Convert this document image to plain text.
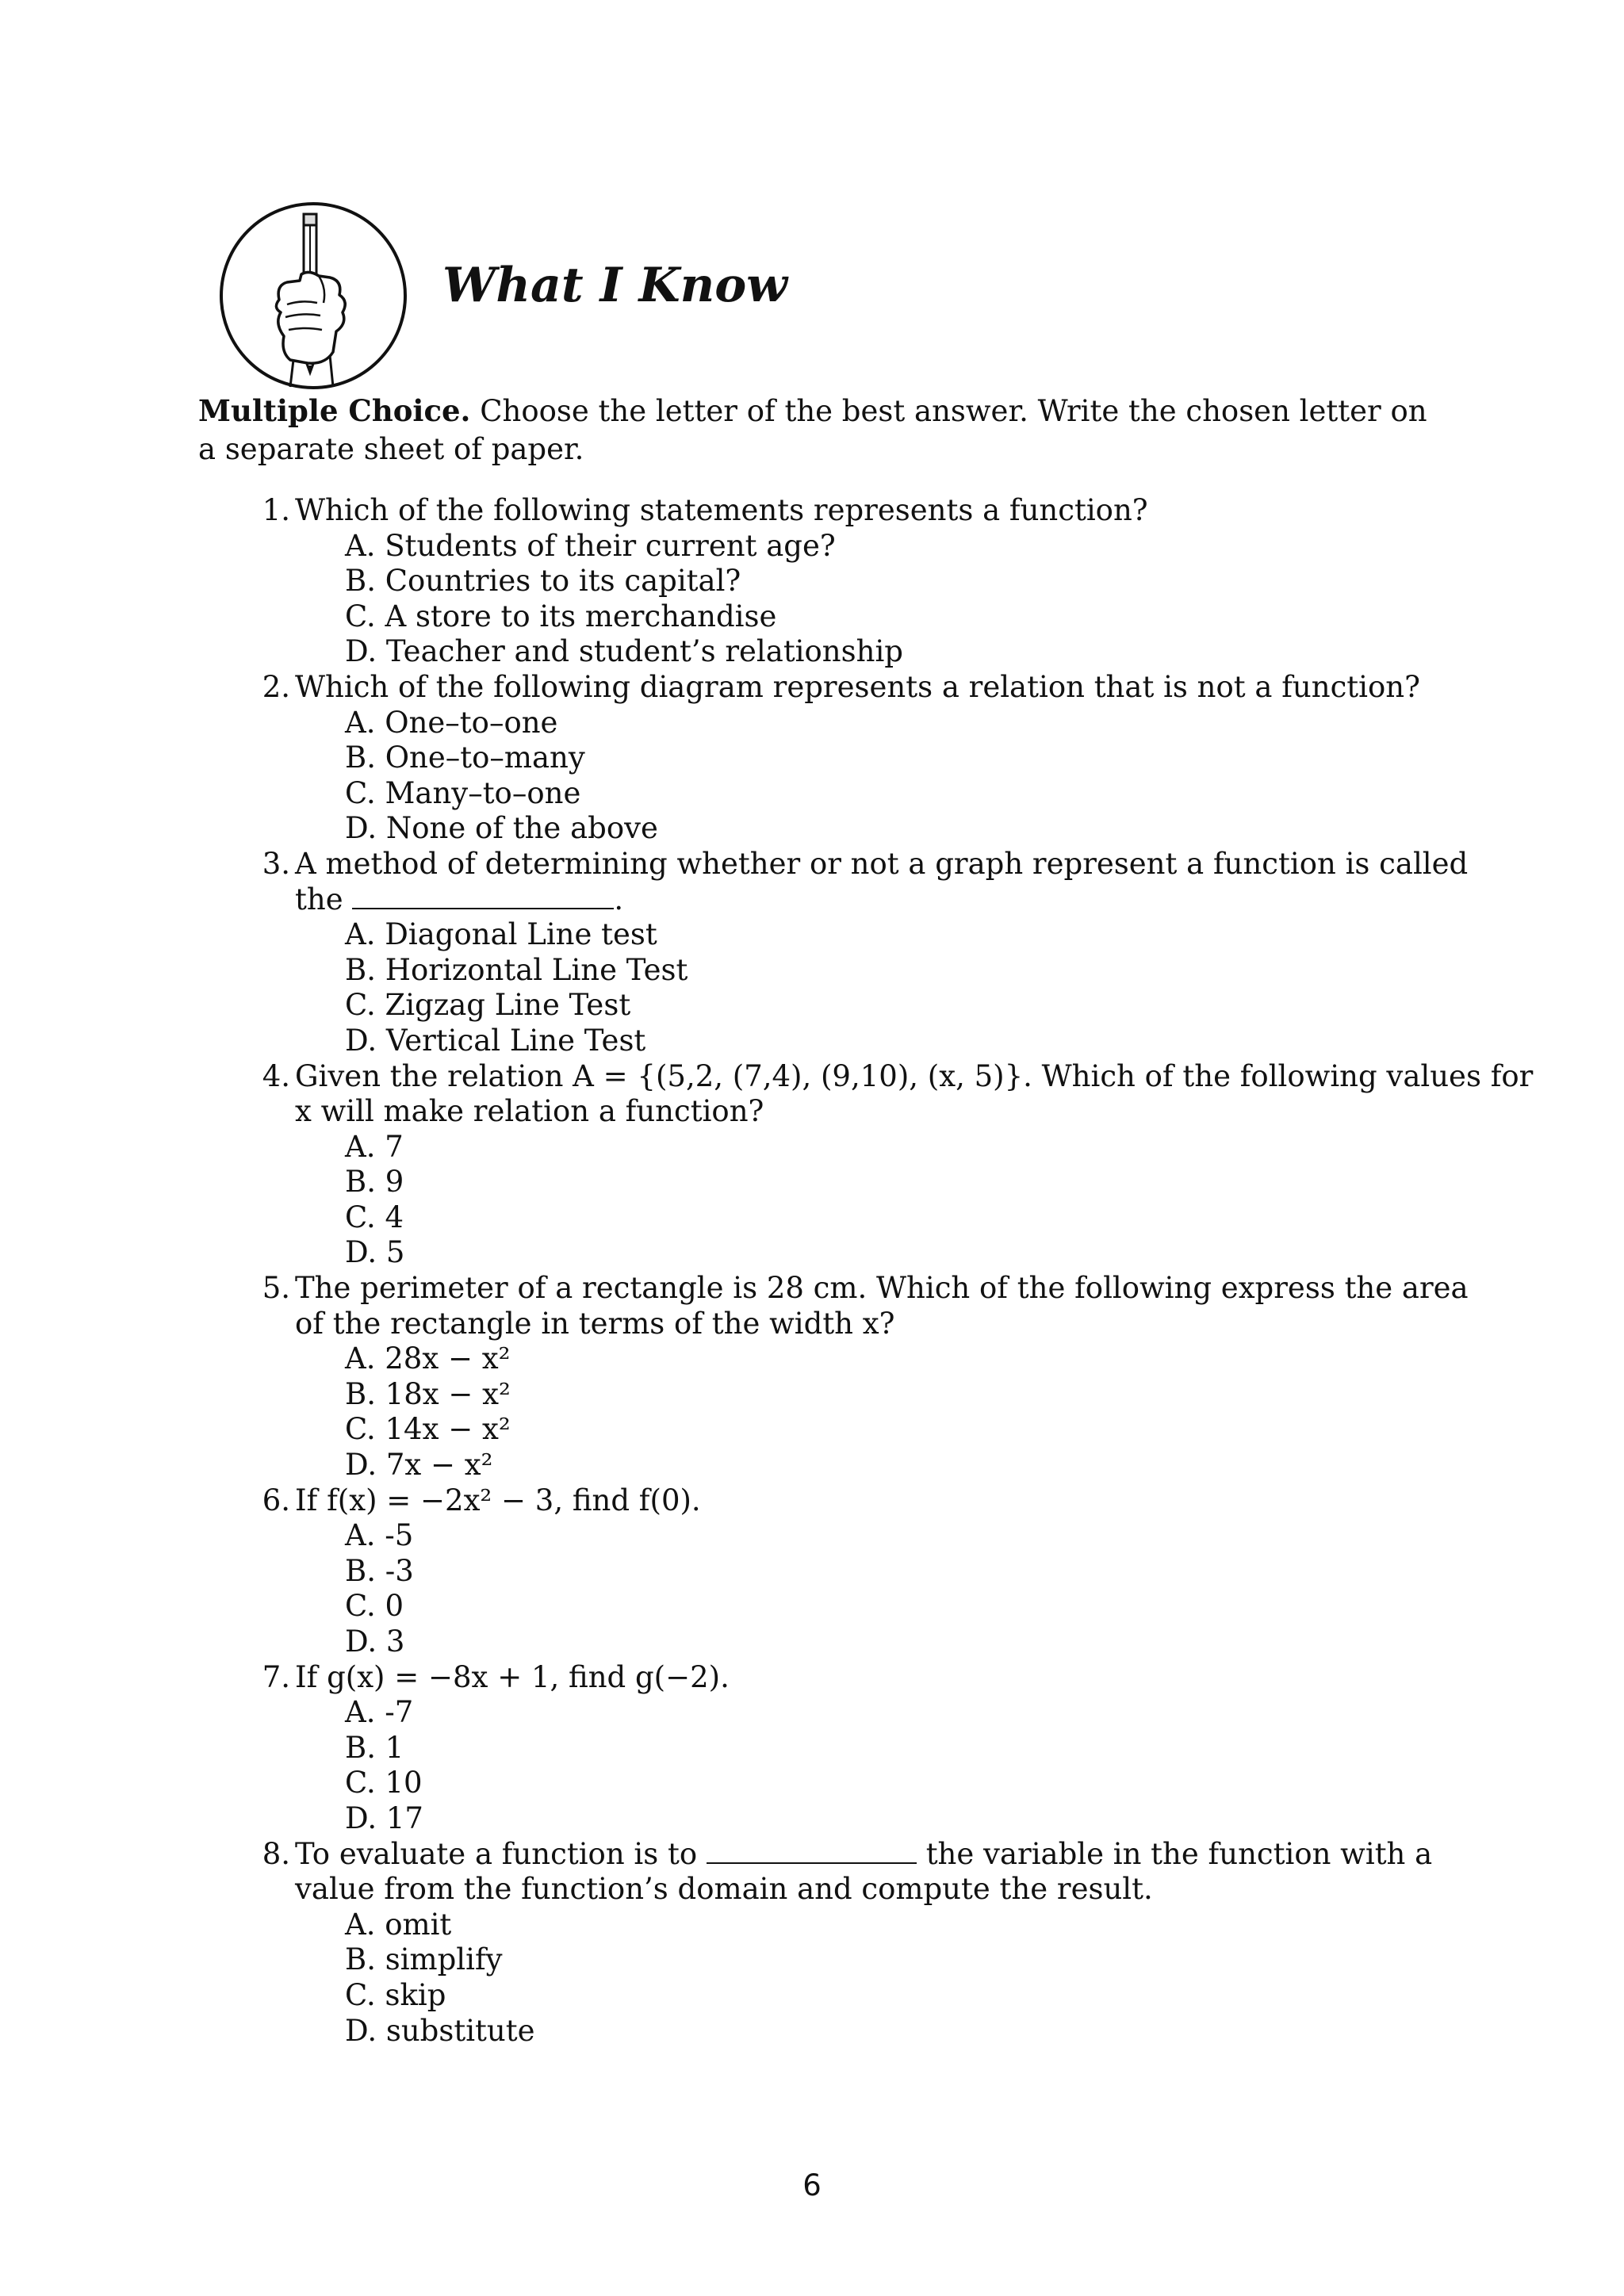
What I Know

Multiple Choice. Choose the letter of the best answer. Write the chosen letter on a separate sheet of paper.

1. Which of the following statements represents a function?
A. Students of their current age?
B. Countries to its capital?
C. A store to its merchandise
D. Teacher and student’s relationship
2. Which of the following diagram represents a relation that is not a function?
A. One–to–one
B. One–to–many
C. Many–to–one
D. None of the above
3. A method of determining whether or not a graph represent a function is called
the	.
A. Diagonal Line test
B. Horizontal Line Test
C. Zigzag Line Test
D. Vertical Line Test
4. Given the relation A = {(5,2, (7,4), (9,10), (x, 5)}. Which of the following values for
x will make relation a function?
A. 7
B. 9
C. 4
D. 5
5. The perimeter of a rectangle is 28 cm. Which of the following express the area
of the rectangle in terms of the width x?
A. 28x − x²
B. 18x − x²
C. 14x − x²
D. 7x − x²
6. If f(x) = −2x² − 3, find f(0).
A. -5
B. -3
C. 0
D. 3
7. If g(x) = −8x + 1, find g(−2).
A. -7
B. 1
C. 10
D. 17
8. To evaluate a function is to	the variable in the function with a
value from the function’s domain and compute the result.
A. omit
B. simplify
C. skip
D. substitute
6
